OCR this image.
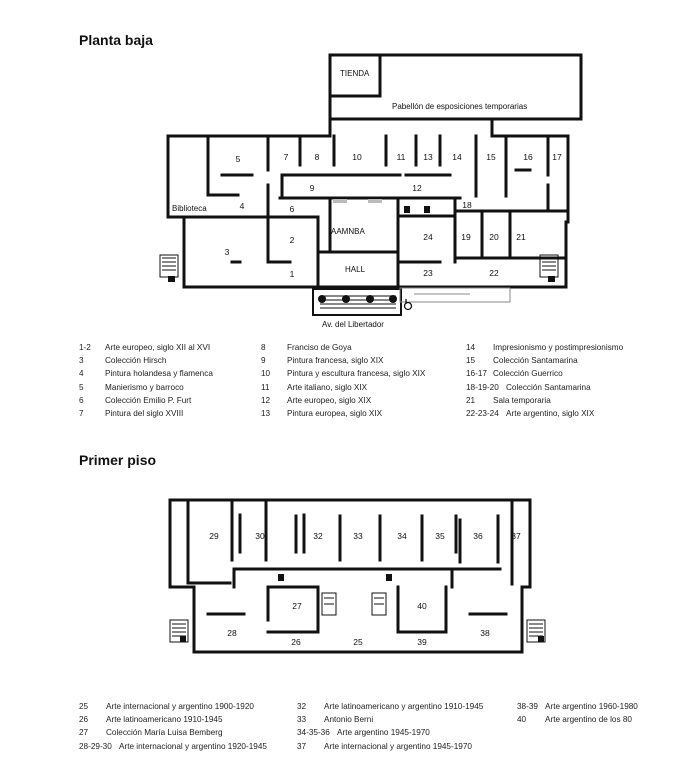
Planta baja
Primer piso
TIENDA
Pabellón de esposiciones temporarias
Biblioteca
AAMNBA
HALL
Av. del Libertador
1
2
3
4
5
6
7	8
9
10	11
12
13 14	15	16 17
18
19 20 21
22
23
24
25
26
27
28
29	30	32	33	34	35	36	37
38
39
40
1-2	Arte europeo, siglo XII al XVI
3	Colección Hirsch
4	Pintura holandesa y flamenca
5	Manierismo y barroco
6	Colección Emilio P. Furt
7	Pintura del siglo XVIII
8	Franciso de Goya
9	Pintura francesa, siglo XIX
10	Pintura y escultura francesa, siglo XIX
11	Arte italiano, siglo XIX
12	Arte europeo, siglo XIX
13	Pintura europea, siglo XIX
14	Impresionismo y postimpresionismo
15	Colección Santamarina
16-17 Colección Guerrico
18-19-20 Colección Santamarina
21	Sala temporaria
22-23-24 Arte argentino, siglo XIX
25	Arte internacional y argentino 1900-1920
26	Arte latinoamericano 1910-1945
27	Colección María Luisa Bemberg
28-29-30 Arte internacional y argentino 1920-1945
32	Arte latinoamericano y argentino 1910-1945
33	Antonio Berni
34-35-36 Arte argentino 1945-1970
37	Arte internacional y argentino 1945-1970
38-39 Arte argentino 1960-1980
40	Arte argentino de los 80
